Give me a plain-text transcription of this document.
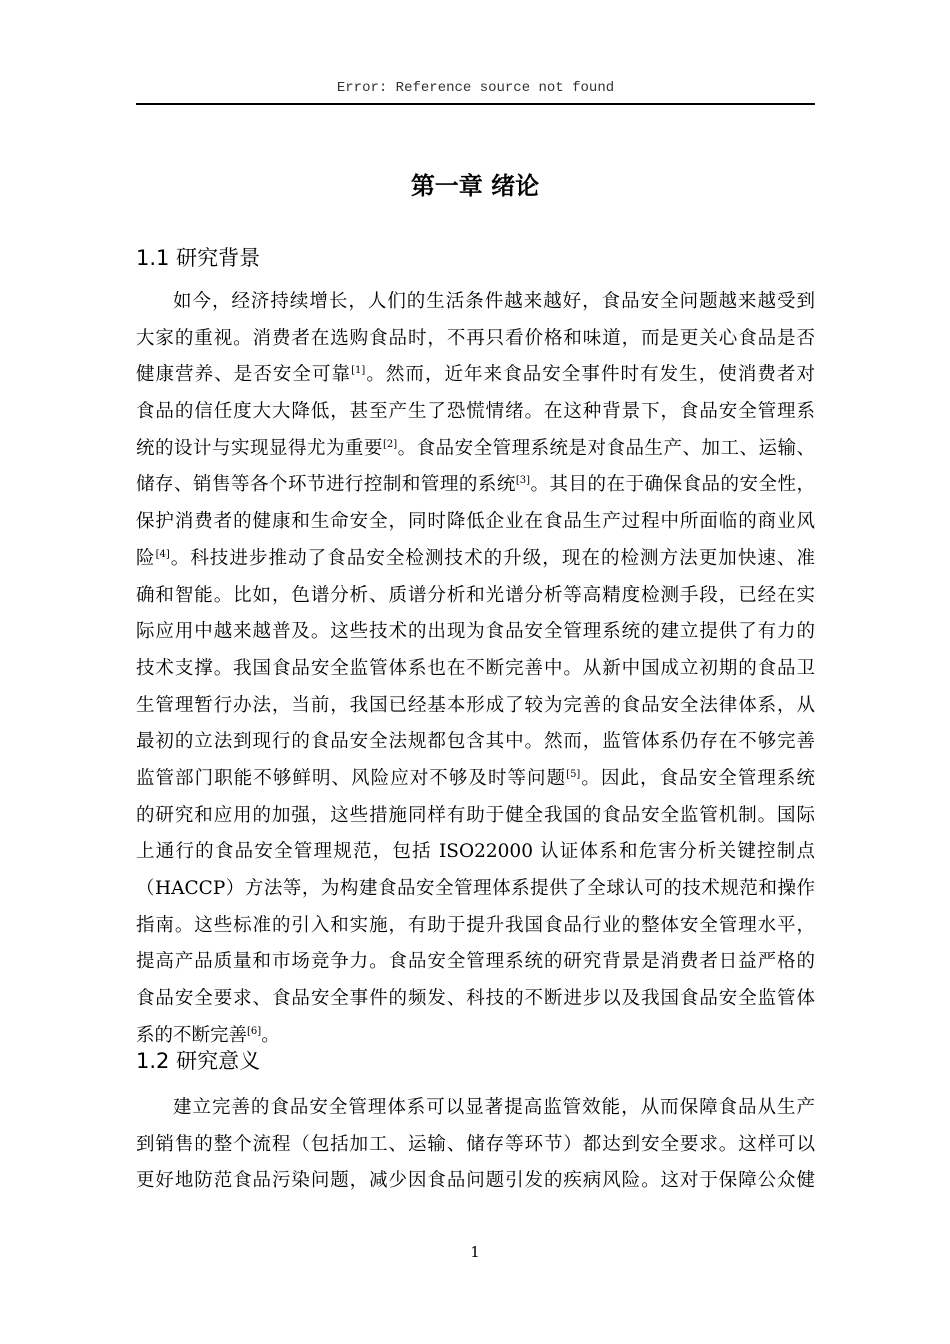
Error: Reference source not found
第一章 绪论
1.1 研究背景
如今，经济持续增长，人们的生活条件越来越好，食品安全问题越来越受到
大家的重视。消费者在选购食品时，不再只看价格和味道，而是更关心食品是否
健康营养、是否安全可靠[1]。然而，近年来食品安全事件时有发生，使消费者对
食品的信任度大大降低，甚至产生了恐慌情绪。在这种背景下，食品安全管理系
统的设计与实现显得尤为重要[2]。食品安全管理系统是对食品生产、加工、运输、
储存、销售等各个环节进行控制和管理的系统[3]。其目的在于确保食品的安全性，
保护消费者的健康和生命安全，同时降低企业在食品生产过程中所面临的商业风
险[4]。科技进步推动了食品安全检测技术的升级，现在的检测方法更加快速、准
确和智能。比如，色谱分析、质谱分析和光谱分析等高精度检测手段，已经在实
际应用中越来越普及。这些技术的出现为食品安全管理系统的建立提供了有力的
技术支撑。我国食品安全监管体系也在不断完善中。从新中国成立初期的食品卫
生管理暂行办法，当前，我国已经基本形成了较为完善的食品安全法律体系，从
最初的立法到现行的食品安全法规都包含其中。然而，监管体系仍存在不够完善
监管部门职能不够鲜明、风险应对不够及时等问题[5]。因此，食品安全管理系统
的研究和应用的加强，这些措施同样有助于健全我国的食品安全监管机制。国际
上通行的食品安全管理规范，包括 ISO22000 认证体系和危害分析关键控制点
（HACCP）方法等，为构建食品安全管理体系提供了全球认可的技术规范和操作
指南。这些标准的引入和实施，有助于提升我国食品行业的整体安全管理水平，
提高产品质量和市场竞争力。食品安全管理系统的研究背景是消费者日益严格的
食品安全要求、食品安全事件的频发、科技的不断进步以及我国食品安全监管体
系的不断完善[6]。
1.2 研究意义
建立完善的食品安全管理体系可以显著提高监管效能，从而保障食品从生产
到销售的整个流程（包括加工、运输、储存等环节）都达到安全要求。这样可以
更好地防范食品污染问题，减少因食品问题引发的疾病风险。这对于保障公众健
1
